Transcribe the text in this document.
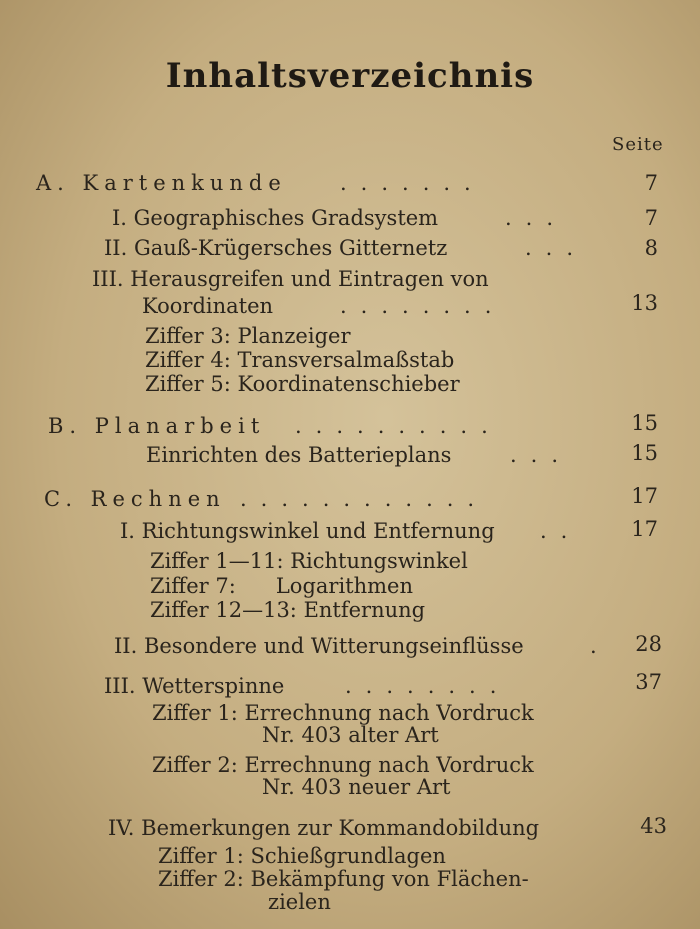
Inhaltsverzeichnis
Seite
A. Kartenkunde	.......	7
I. Geographisches Gradsystem	...	7
II. Gauß-Krügersches Gitternetz	...	8
III. Herausgreifen und Eintragen von
Koordinaten	........	13
Ziffer 3: Planzeiger
Ziffer 4: Transversalmaßstab
Ziffer 5: Koordinatenschieber
B. Planarbeit ..........	15
Einrichten des Batterieplans	...	15
C. Rechnen ............	17
I. Richtungswinkel und Entfernung ..	17
Ziffer 1—11: Richtungswinkel
Ziffer 7:      Logarithmen
Ziffer 12—13: Entfernung
II. Besondere und Witterungseinflüsse	.	28
III. Wetterspinne	........	37
Ziffer 1: Errechnung nach Vordruck
Nr. 403 alter Art
Ziffer 2: Errechnung nach Vordruck
Nr. 403 neuer Art
IV. Bemerkungen zur Kommandobildung	43
Ziffer 1: Schießgrundlagen
Ziffer 2: Bekämpfung von Flächen-
zielen
